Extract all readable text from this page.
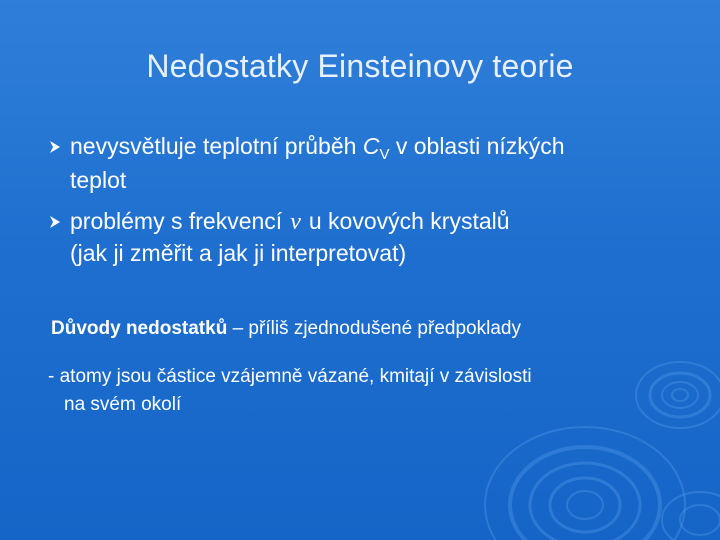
Nedostatky Einsteinovy teorie
nevysvětluje teplotní průběh $C_V$ v oblasti nízkých
teplot
problémy s frekvencí ν u kovových krystalů
(jak ji změřit a jak ji interpretovat)
Důvody nedostatků – příliš zjednodušené předpoklady
- atomy jsou částice vzájemně vázané, kmitají v závislosti
na svém okolí
